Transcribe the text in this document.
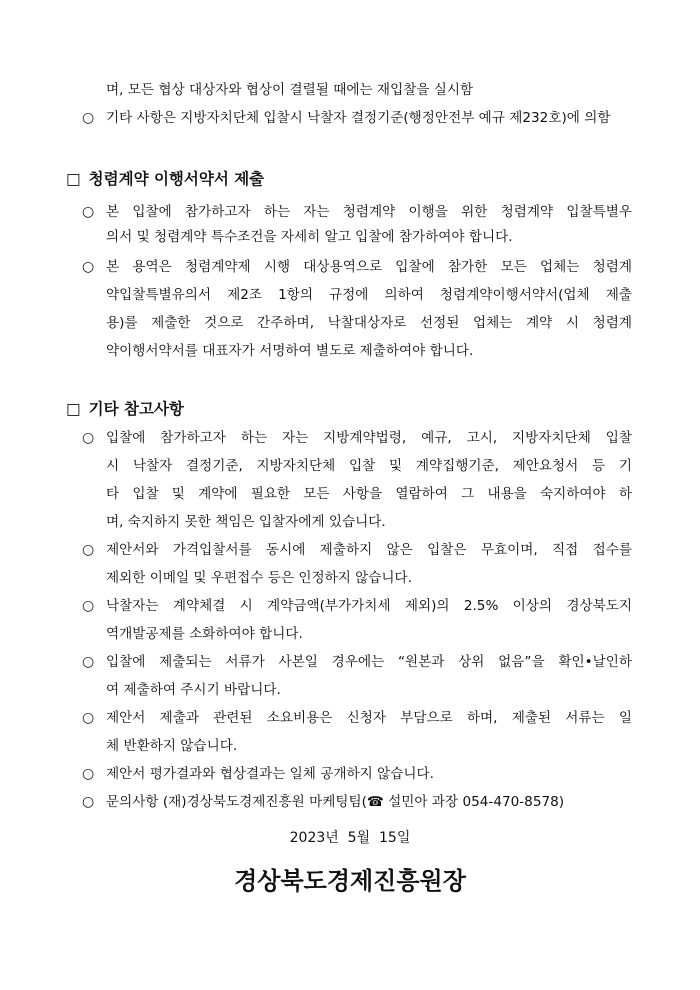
며, 모든 협상 대상자와 협상이 결렬될 때에는 재입찰을 실시함
○ 기타 사항은 지방자치단체 입찰시 낙찰자 결정기준(행정안전부 예규 제232호)에 의함
□ 청렴계약 이행서약서 제출
○ 본 입찰에 참가하고자 하는 자는 청렴계약 이행을 위한 청렴계약 입찰특별우
의서 및 청렴계약 특수조건을 자세히 알고 입찰에 참가하여야 합니다.
○ 본 용역은 청렴계약제 시행 대상용역으로 입찰에 참가한 모든 업체는 청렴계
약입찰특별유의서 제2조 1항의 규정에 의하여 청렴계약이행서약서(업체 제출
용)를 제출한 것으로 간주하며, 낙찰대상자로 선정된 업체는 계약 시 청렴계
약이행서약서를 대표자가 서명하여 별도로 제출하여야 합니다.
□ 기타 참고사항
○ 입찰에 참가하고자 하는 자는 지방계약법령, 예규, 고시, 지방자치단체 입찰
시 낙찰자 결정기준, 지방자치단체 입찰 및 계약집행기준, 제안요청서 등 기
타 입찰 및 계약에 필요한 모든 사항을 열람하여 그 내용을 숙지하여야 하
며, 숙지하지 못한 책임은 입찰자에게 있습니다.
○ 제안서와 가격입찰서를 동시에 제출하지 않은 입찰은 무효이며, 직접 접수를
제외한 이메일 및 우편접수 등은 인정하지 않습니다.
○ 낙찰자는 계약체결 시 계약금액(부가가치세 제외)의 2.5% 이상의 경상북도지
역개발공제를 소화하여야 합니다.
○ 입찰에 제출되는 서류가 사본일 경우에는 “원본과 상위 없음”을 확인•날인하
여 제출하여 주시기 바랍니다.
○ 제안서 제출과 관련된 소요비용은 신청자 부담으로 하며, 제출된 서류는 일
체 반환하지 않습니다.
○ 제안서 평가결과와 협상결과는 일체 공개하지 않습니다.
○ 문의사항 (재)경상북도경제진흥원 마케팅팀(☎ 설민아 과장 054-470-8578)
2023년  5월  15일
경상북도경제진흥원장
